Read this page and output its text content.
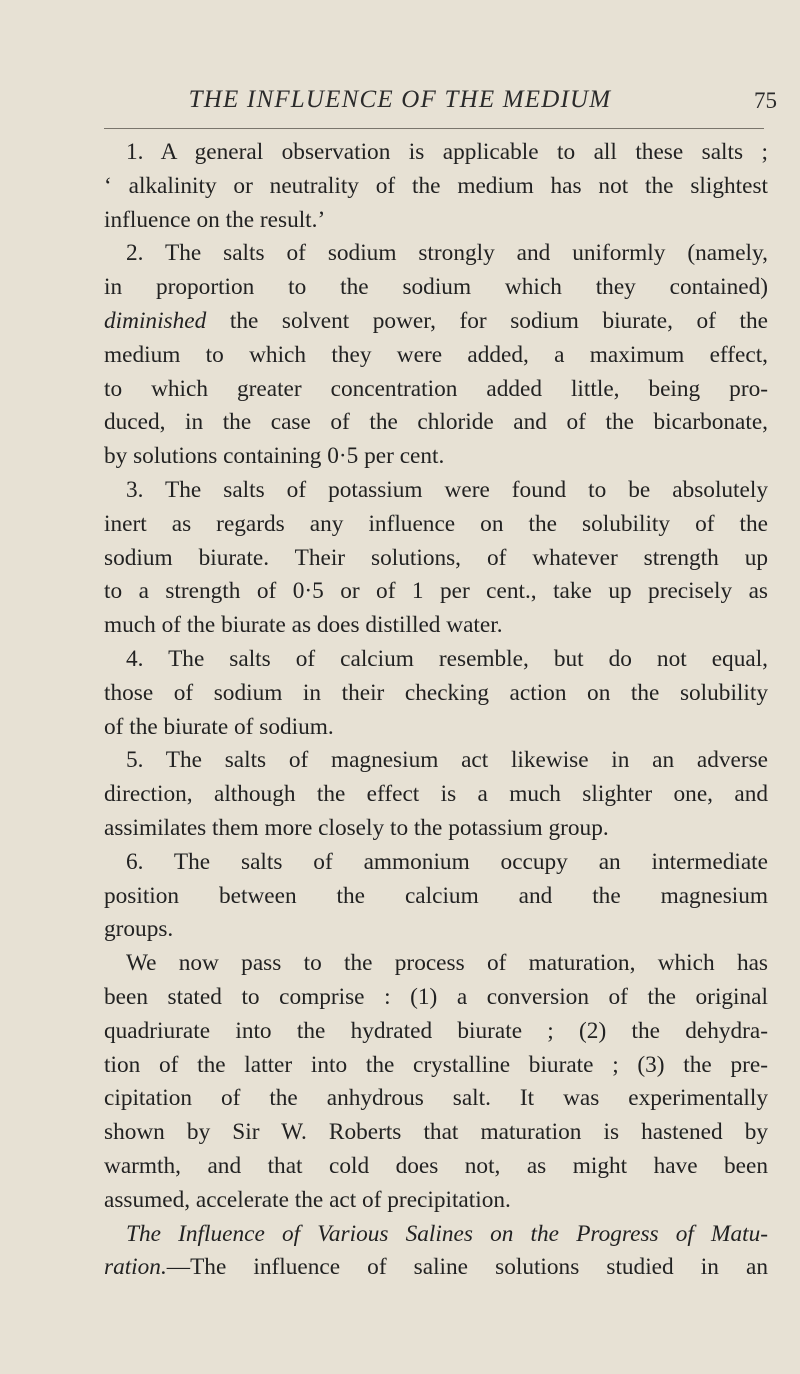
THE INFLUENCE OF THE MEDIUM	75
1. A general observation is applicable to all these salts ;
‘ alkalinity or neutrality of the medium has not the slightest
influence on the result.’
2. The salts of sodium strongly and uniformly (namely,
in proportion to the sodium which they contained)
diminished the solvent power, for sodium biurate, of the
medium to which they were added, a maximum effect,
to which greater concentration added little, being pro-
duced, in the case of the chloride and of the bicarbonate,
by solutions containing 0·5 per cent.
3. The salts of potassium were found to be absolutely
inert as regards any influence on the solubility of the
sodium biurate. Their solutions, of whatever strength up
to a strength of 0·5 or of 1 per cent., take up precisely as
much of the biurate as does distilled water.
4. The salts of calcium resemble, but do not equal,
those of sodium in their checking action on the solubility
of the biurate of sodium.
5. The salts of magnesium act likewise in an adverse
direction, although the effect is a much slighter one, and
assimilates them more closely to the potassium group.
6. The salts of ammonium occupy an intermediate
position between the calcium and the magnesium
groups.
We now pass to the process of maturation, which has
been stated to comprise : (1) a conversion of the original
quadriurate into the hydrated biurate ; (2) the dehydra-
tion of the latter into the crystalline biurate ; (3) the pre-
cipitation of the anhydrous salt. It was experimentally
shown by Sir W. Roberts that maturation is hastened by
warmth, and that cold does not, as might have been
assumed, accelerate the act of precipitation.
The Influence of Various Salines on the Progress of Matu-
ration.—The influence of saline solutions studied in an
